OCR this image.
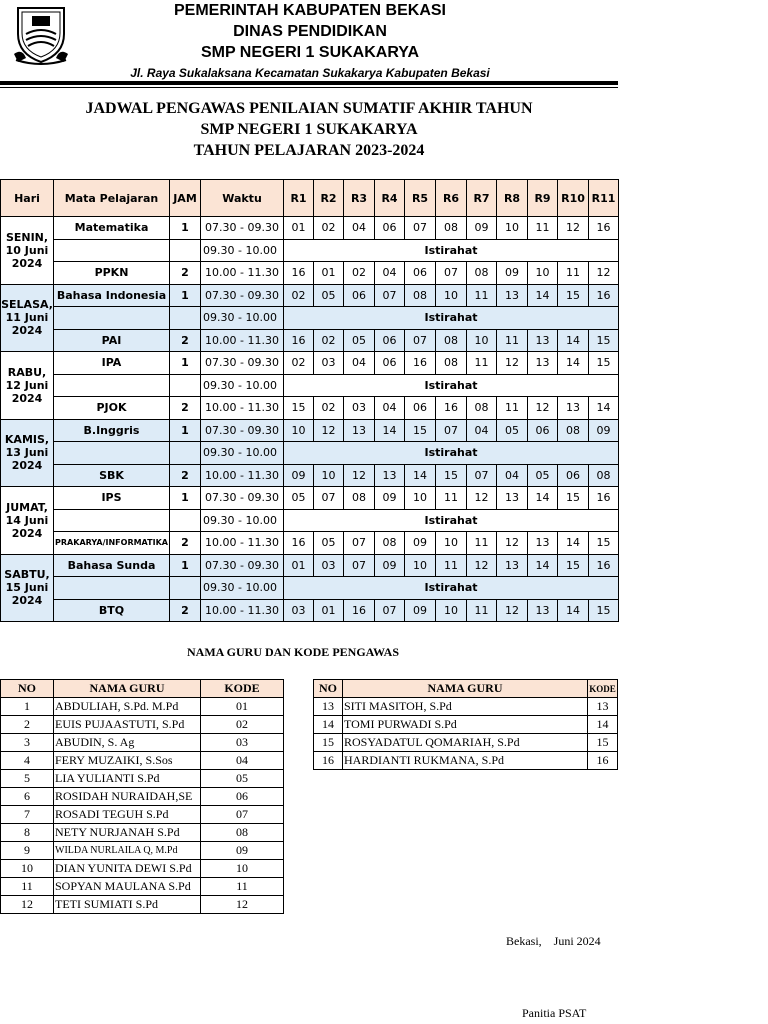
PEMERINTAH KABUPATEN BEKASI
DINAS PENDIDIKAN
SMP NEGERI 1 SUKAKARYA
Jl. Raya Sukalaksana Kecamatan Sukakarya Kabupaten Bekasi
JADWAL PENGAWAS PENILAIAN SUMATIF AKHIR TAHUN
SMP NEGERI 1 SUKAKARYA
TAHUN PELAJARAN 2023-2024
Hari	Mata Pelajaran	JAM	Waktu	R1	R2	R3	R4	R5	R6	R7	R8	R9	R10	R11
SENIN, 10 Juni 2024	Matematika	1	07.30 - 09.30	01	02	04	06	07	08	09	10	11	12	16
			09.30 - 10.00	Istirahat										
	PPKN	2	10.00 - 11.30	16	01	02	04	06	07	08	09	10	11	12
SELASA, 11 Juni 2024	Bahasa Indonesia	1	07.30 - 09.30	02	05	06	07	08	10	11	13	14	15	16
			09.30 - 10.00	Istirahat										
	PAI	2	10.00 - 11.30	16	02	05	06	07	08	10	11	13	14	15
RABU, 12 Juni 2024	IPA	1	07.30 - 09.30	02	03	04	06	16	08	11	12	13	14	15
			09.30 - 10.00	Istirahat										
	PJOK	2	10.00 - 11.30	15	02	03	04	06	16	08	11	12	13	14
KAMIS, 13 Juni 2024	B.Inggris	1	07.30 - 09.30	10	12	13	14	15	07	04	05	06	08	09
			09.30 - 10.00	Istirahat										
	SBK	2	10.00 - 11.30	09	10	12	13	14	15	07	04	05	06	08
JUMAT, 14 Juni 2024	IPS	1	07.30 - 09.30	05	07	08	09	10	11	12	13	14	15	16
			09.30 - 10.00	Istirahat										
	PRAKARYA/INFORMATIKA	2	10.00 - 11.30	16	05	07	08	09	10	11	12	13	14	15
SABTU, 15 Juni 2024	Bahasa Sunda	1	07.30 - 09.30	01	03	07	09	10	11	12	13	14	15	16
			09.30 - 10.00	Istirahat										
	BTQ	2	10.00 - 11.30	03	01	16	07	09	10	11	12	13	14	15
NAMA GURU DAN KODE PENGAWAS
NO	NAMA GURU	KODE
1	ABDULIAH, S.Pd. M.Pd	01
2	EUIS PUJAASTUTI, S.Pd	02
3	ABUDIN, S. Ag	03
4	FERY MUZAIKI, S.Sos	04
5	LIA YULIANTI S.Pd	05
6	ROSIDAH NURAIDAH,SE	06
7	ROSADI TEGUH S.Pd	07
8	NETY NURJANAH S.Pd	08
9	WILDA NURLAILA Q, M.Pd	09
10	DIAN YUNITA DEWI S.Pd	10
11	SOPYAN MAULANA S.Pd	11
12	TETI SUMIATI S.Pd	12
NO	NAMA GURU	KODE
13	SITI MASITOH, S.Pd	13
14	TOMI PURWADI S.Pd	14
15	ROSYADATUL QOMARIAH, S.Pd	15
16	HARDIANTI RUKMANA, S.Pd	16
Bekasi,    Juni 2024
Panitia PSAT
